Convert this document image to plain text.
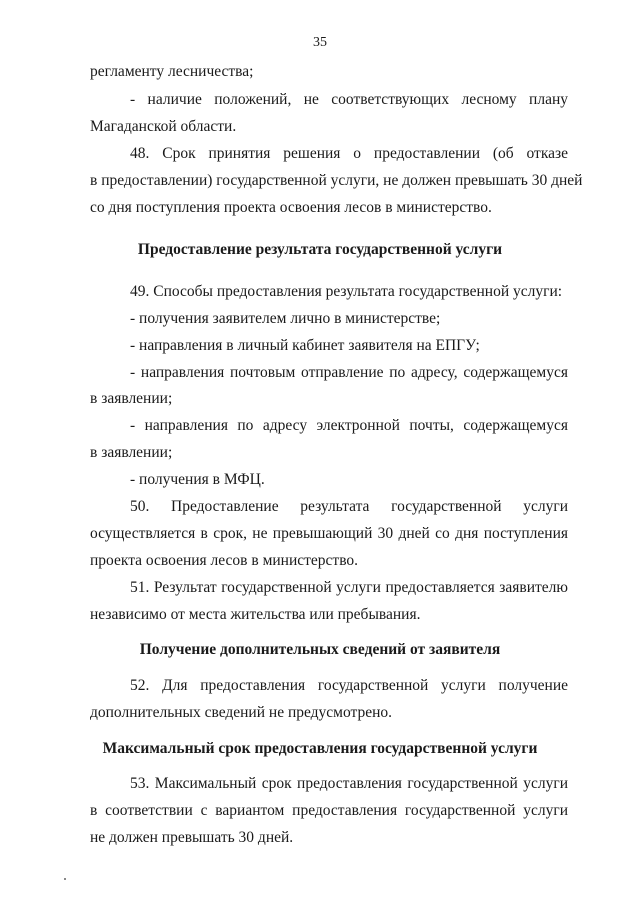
35
регламенту лесничества;
- наличие положений, не соответствующих лесному плану
Магаданской области.
48. Срок принятия решения о предоставлении (об отказе
в предоставлении) государственной услуги, не должен превышать 30 дней
со дня поступления проекта освоения лесов в министерство.
Предоставление результата государственной услуги
49. Способы предоставления результата государственной услуги:
- получения заявителем лично в министерстве;
- направления в личный кабинет заявителя на ЕПГУ;
- направления почтовым отправление по адресу, содержащемуся
в заявлении;
- направления по адресу электронной почты, содержащемуся
в заявлении;
- получения в МФЦ.
50. Предоставление результата государственной услуги
осуществляется в срок, не превышающий 30 дней со дня поступления
проекта освоения лесов в министерство.
51. Результат государственной услуги предоставляется заявителю
независимо от места жительства или пребывания.
Получение дополнительных сведений от заявителя
52. Для предоставления государственной услуги получение
дополнительных сведений не предусмотрено.
Максимальный срок предоставления государственной услуги
53. Максимальный срок предоставления государственной услуги
в соответствии с вариантом предоставления государственной услуги
не должен превышать 30 дней.
